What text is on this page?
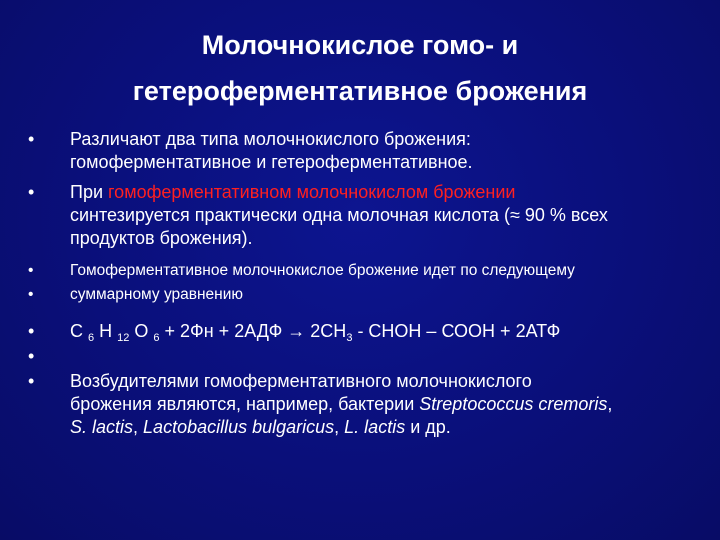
Молочнокислое гомо- и
гетероферментативное брожения
•	Различают два типа молочнокислого брожения:
гомоферментативное и гетероферментативное.
•	При гомоферментативном молочнокислом брожении
синтезируется практически одна молочная кислота (≈ 90 % всех
продуктов брожения).
•	Гомоферментативное молочнокислое брожение идет по следующему
•	суммарному уравнению
•	С $_6$ Н $_{12}$ О $_6 + 2Фн + 2АДФ \to 2СН_3$ - СНОН – СООН + 2АТФ
•
•	Возбудителями гомоферментативного молочнокислого
брожения являются, например, бактерии Streptococcus cremoris,
S. lactis, Lactobacillus bulgaricus, L. lactis и др.
